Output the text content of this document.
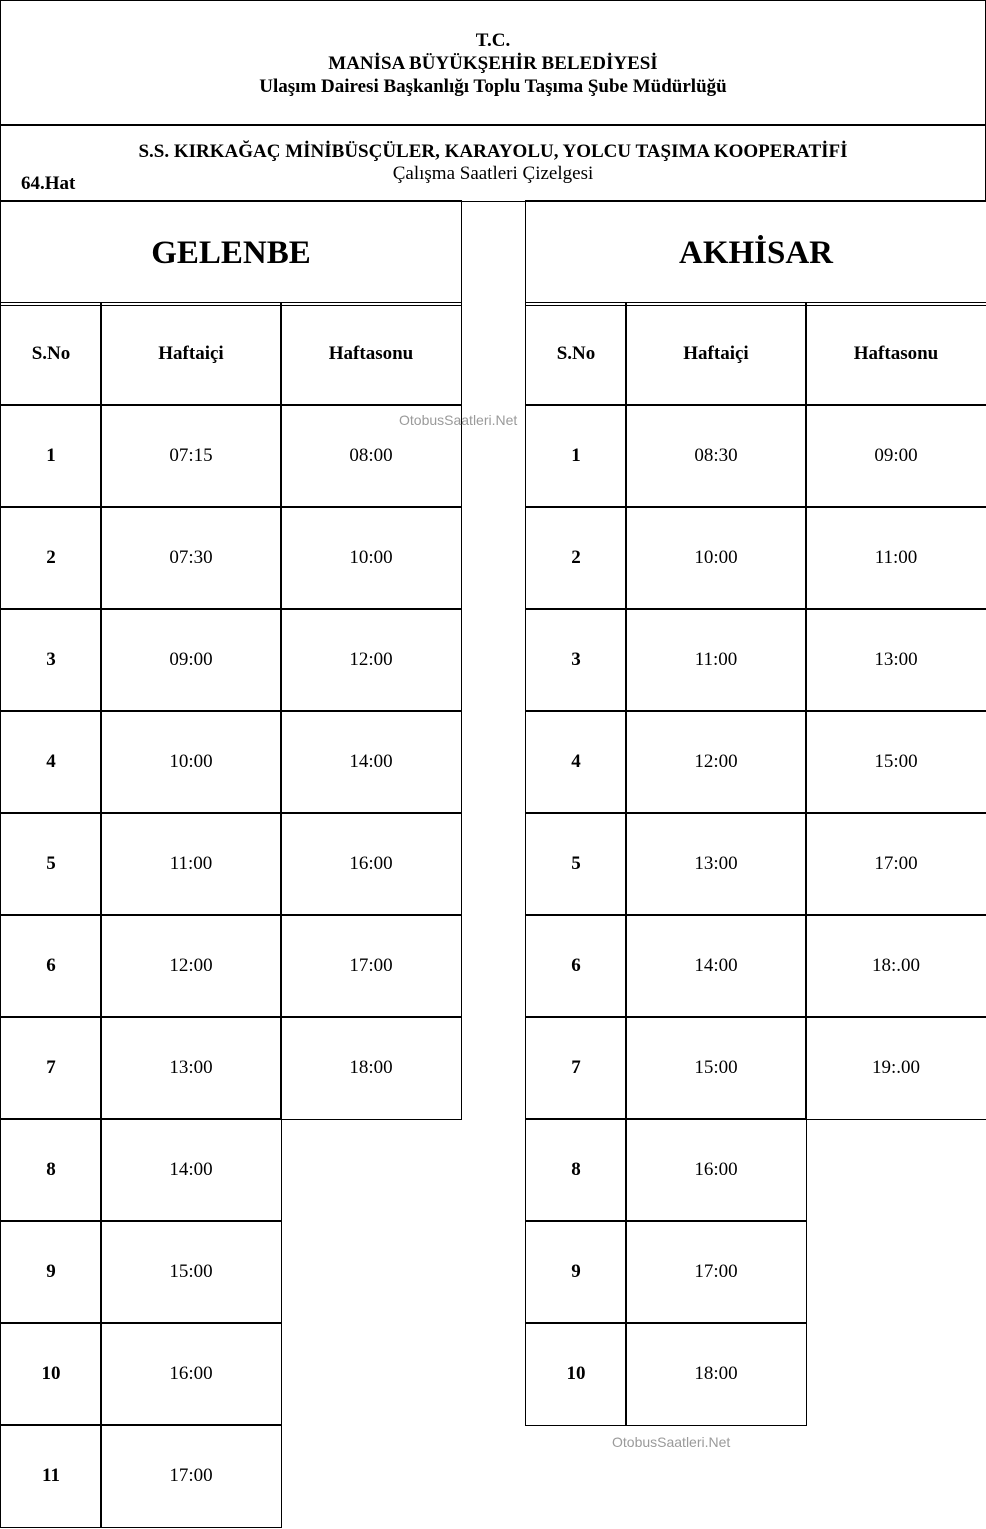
T.C.
MANİSA BÜYÜKŞEHİR BELEDİYESİ
Ulaşım Dairesi Başkanlığı Toplu Taşıma Şube Müdürlüğü
S.S. KIRKAĞAÇ MİNİBÜSÇÜLER, KARAYOLU, YOLCU TAŞIMA KOOPERATİFİ
Çalışma Saatleri Çizelgesi
64.Hat
GELENBE
S.No	Haftaiçi	Haftasonu
1	07:15	08:00
2	07:30	10:00
3	09:00	12:00
4	10:00	14:00
5	11:00	16:00
6	12:00	17:00
7	13:00	18:00
8	14:00
9	15:00
10	16:00
11	17:00
AKHİSAR
S.No	Haftaiçi	Haftasonu
1	08:30	09:00
2	10:00	11:00
3	11:00	13:00
4	12:00	15:00
5	13:00	17:00
6	14:00	18:.00
7	15:00	19:.00
8	16:00
9	17:00
10	18:00
OtobusSaatleri.Net
OtobusSaatleri.Net
